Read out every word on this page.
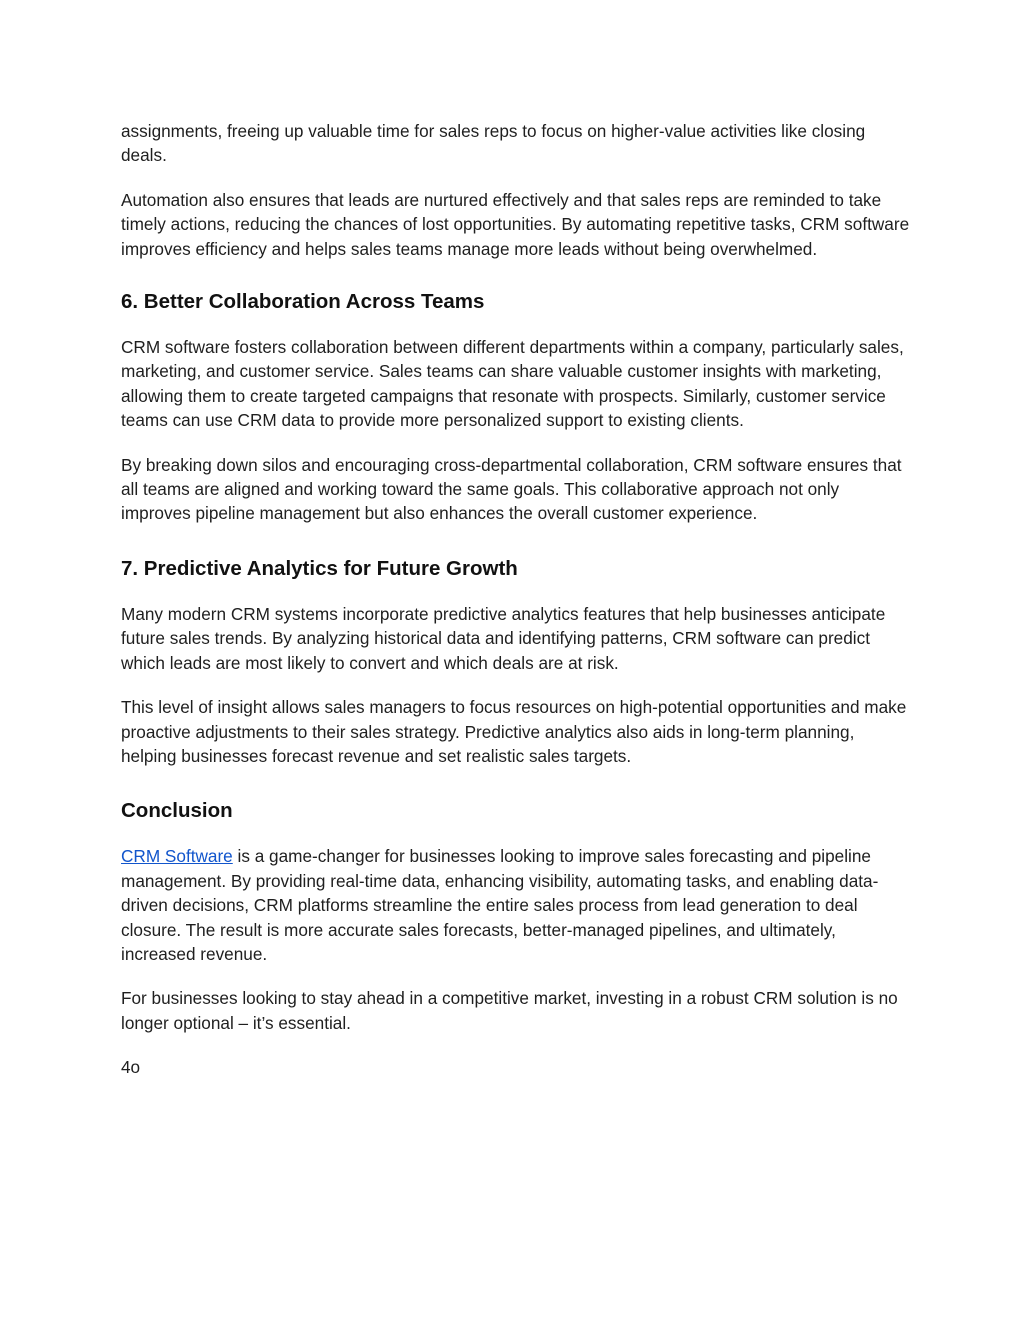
assignments, freeing up valuable time for sales reps to focus on higher-value activities like closing deals.

Automation also ensures that leads are nurtured effectively and that sales reps are reminded to take timely actions, reducing the chances of lost opportunities. By automating repetitive tasks, CRM software improves efficiency and helps sales teams manage more leads without being overwhelmed.

6. Better Collaboration Across Teams

CRM software fosters collaboration between different departments within a company, particularly sales, marketing, and customer service. Sales teams can share valuable customer insights with marketing, allowing them to create targeted campaigns that resonate with prospects. Similarly, customer service teams can use CRM data to provide more personalized support to existing clients.

By breaking down silos and encouraging cross-departmental collaboration, CRM software ensures that all teams are aligned and working toward the same goals. This collaborative approach not only improves pipeline management but also enhances the overall customer experience.

7. Predictive Analytics for Future Growth

Many modern CRM systems incorporate predictive analytics features that help businesses anticipate future sales trends. By analyzing historical data and identifying patterns, CRM software can predict which leads are most likely to convert and which deals are at risk.

This level of insight allows sales managers to focus resources on high-potential opportunities and make proactive adjustments to their sales strategy. Predictive analytics also aids in long-term planning, helping businesses forecast revenue and set realistic sales targets.

Conclusion

CRM Software is a game-changer for businesses looking to improve sales forecasting and pipeline management. By providing real-time data, enhancing visibility, automating tasks, and enabling data-driven decisions, CRM platforms streamline the entire sales process from lead generation to deal closure. The result is more accurate sales forecasts, better-managed pipelines, and ultimately, increased revenue.

For businesses looking to stay ahead in a competitive market, investing in a robust CRM solution is no longer optional – it’s essential.

4o
